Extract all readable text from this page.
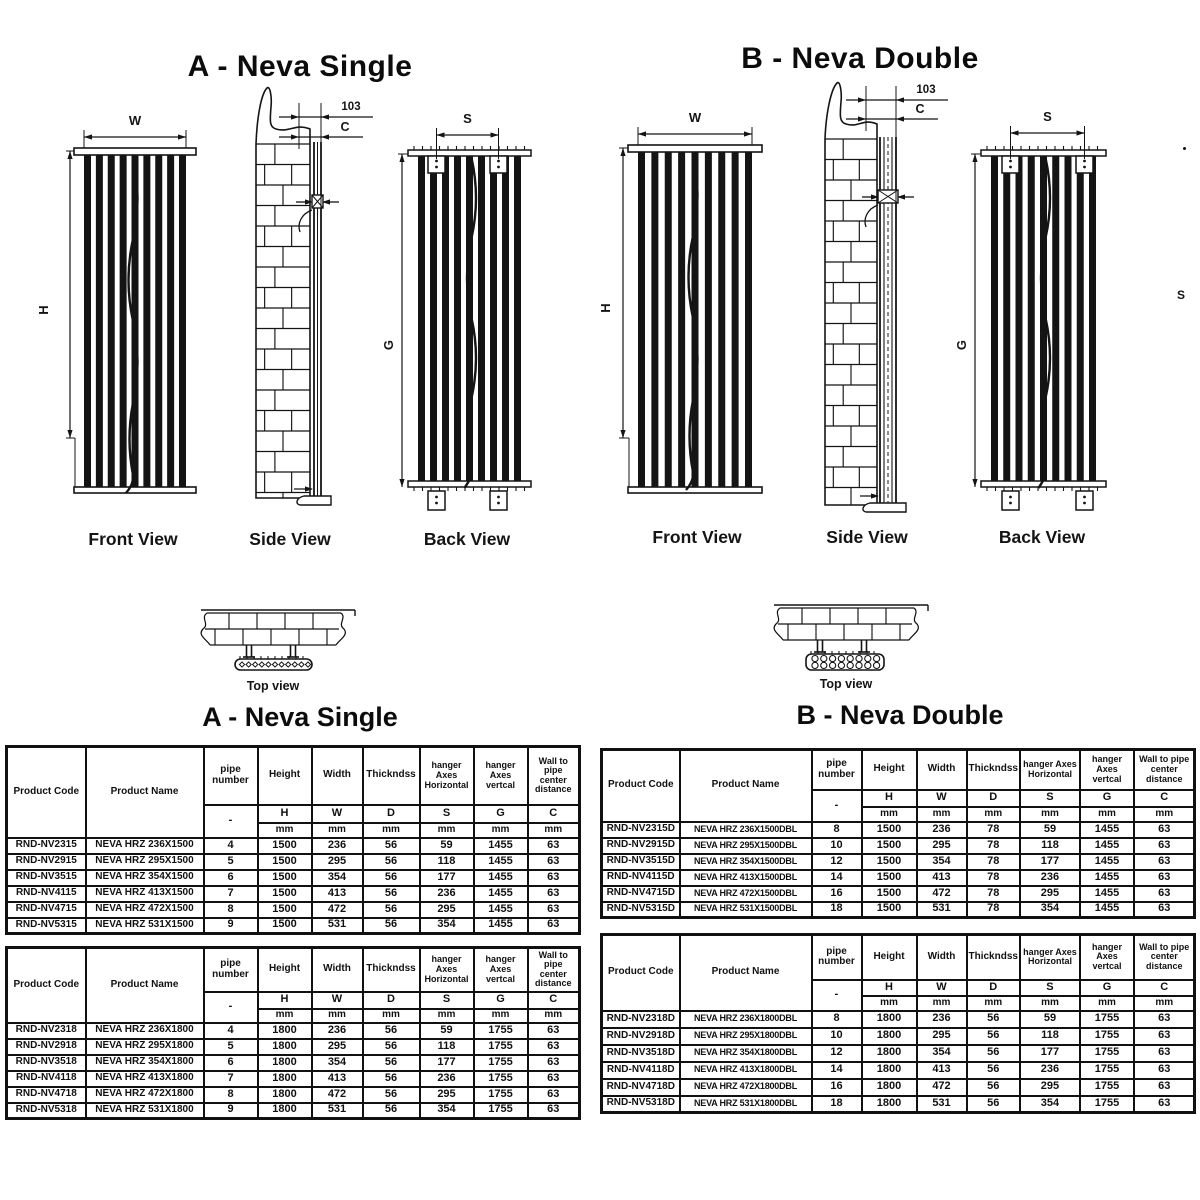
W
H
103
C
S
G
Front View	Side View	Back View
Top view
W
H
103
C	S
G
Front View	Side View	Back View
Top view
A - Neva Single	B - Neva Double
A - Neva Single	B - Neva Double
Product Code	Product Name	pipe number	Height	Width	Thickndss	hanger Axes Horizontal	hanger Axes vertcal	Wall to pipe center distance
		-	H	W	D	S	G	C
			mm	mm	mm	mm	mm	mm
RND-NV2315	NEVA HRZ 236X1500	4	1500	236	56	59	1455	63
RND-NV2915	NEVA HRZ 295X1500	5	1500	295	56	118	1455	63
RND-NV3515	NEVA HRZ 354X1500	6	1500	354	56	177	1455	63
RND-NV4115	NEVA HRZ 413X1500	7	1500	413	56	236	1455	63
RND-NV4715	NEVA HRZ 472X1500	8	1500	472	56	295	1455	63
RND-NV5315	NEVA HRZ 531X1500	9	1500	531	56	354	1455	63
Product Code	Product Name	pipe number	Height	Width	Thickndss	hanger Axes Horizontal	hanger Axes vertcal	Wall to pipe center distance
		-	H	W	D	S	G	C
			mm	mm	mm	mm	mm	mm
RND-NV2315D	NEVA HRZ 236X1500DBL	8	1500	236	78	59	1455	63
RND-NV2915D	NEVA HRZ 295X1500DBL	10	1500	295	78	118	1455	63
RND-NV3515D	NEVA HRZ 354X1500DBL	12	1500	354	78	177	1455	63
RND-NV4115D	NEVA HRZ 413X1500DBL	14	1500	413	78	236	1455	63
RND-NV4715D	NEVA HRZ 472X1500DBL	16	1500	472	78	295	1455	63
RND-NV5315D	NEVA HRZ 531X1500DBL	18	1500	531	78	354	1455	63
Product Code	Product Name	pipe number	Height	Width	Thickndss	hanger Axes Horizontal	hanger Axes vertcal	Wall to pipe center distance
		-	H	W	D	S	G	C
			mm	mm	mm	mm	mm	mm
RND-NV2318	NEVA HRZ 236X1800	4	1800	236	56	59	1755	63
RND-NV2918	NEVA HRZ 295X1800	5	1800	295	56	118	1755	63
RND-NV3518	NEVA HRZ 354X1800	6	1800	354	56	177	1755	63
RND-NV4118	NEVA HRZ 413X1800	7	1800	413	56	236	1755	63
RND-NV4718	NEVA HRZ 472X1800	8	1800	472	56	295	1755	63
RND-NV5318	NEVA HRZ 531X1800	9	1800	531	56	354	1755	63
Product Code	Product Name	pipe number	Height	Width	Thickndss	hanger Axes Horizontal	hanger Axes vertcal	Wall to pipe center distance
		-	H	W	D	S	G	C
			mm	mm	mm	mm	mm	mm
RND-NV2318D	NEVA HRZ 236X1800DBL	8	1800	236	56	59	1755	63
RND-NV2918D	NEVA HRZ 295X1800DBL	10	1800	295	56	118	1755	63
RND-NV3518D	NEVA HRZ 354X1800DBL	12	1800	354	56	177	1755	63
RND-NV4118D	NEVA HRZ 413X1800DBL	14	1800	413	56	236	1755	63
RND-NV4718D	NEVA HRZ 472X1800DBL	16	1800	472	56	295	1755	63
RND-NV5318D	NEVA HRZ 531X1800DBL	18	1800	531	56	354	1755	63
S
